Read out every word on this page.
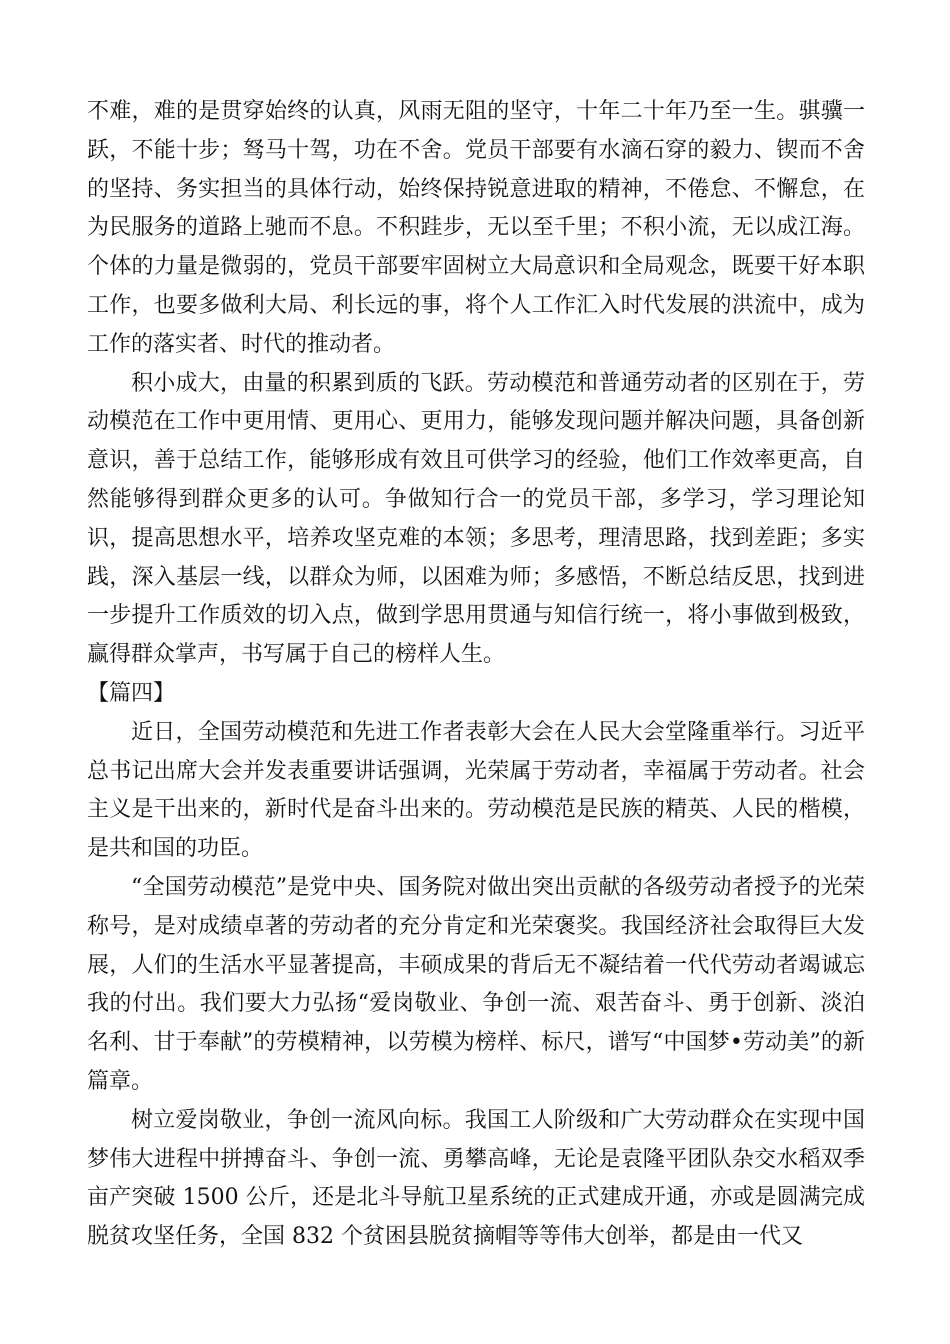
不难，难的是贯穿始终的认真，风雨无阻的坚守，十年二十年乃至一生。骐骥一跃，不能十步；驽马十驾，功在不舍。党员干部要有水滴石穿的毅力、锲而不舍的坚持、务实担当的具体行动，始终保持锐意进取的精神，不倦怠、不懈怠，在为民服务的道路上驰而不息。不积跬步，无以至千里；不积小流，无以成江海。个体的力量是微弱的，党员干部要牢固树立大局意识和全局观念，既要干好本职工作，也要多做利大局、利长远的事，将个人工作汇入时代发展的洪流中，成为工作的落实者、时代的推动者。

积小成大，由量的积累到质的飞跃。劳动模范和普通劳动者的区别在于，劳动模范在工作中更用情、更用心、更用力，能够发现问题并解决问题，具备创新意识，善于总结工作，能够形成有效且可供学习的经验，他们工作效率更高，自然能够得到群众更多的认可。争做知行合一的党员干部，多学习，学习理论知识，提高思想水平，培养攻坚克难的本领；多思考，理清思路，找到差距；多实践，深入基层一线，以群众为师，以困难为师；多感悟，不断总结反思，找到进一步提升工作质效的切入点，做到学思用贯通与知信行统一，将小事做到极致，赢得群众掌声，书写属于自己的榜样人生。

【篇四】

近日，全国劳动模范和先进工作者表彰大会在人民大会堂隆重举行。习近平总书记出席大会并发表重要讲话强调，光荣属于劳动者，幸福属于劳动者。社会主义是干出来的，新时代是奋斗出来的。劳动模范是民族的精英、人民的楷模，是共和国的功臣。

“全国劳动模范”是党中央、国务院对做出突出贡献的各级劳动者授予的光荣称号，是对成绩卓著的劳动者的充分肯定和光荣褒奖。我国经济社会取得巨大发展，人们的生活水平显著提高，丰硕成果的背后无不凝结着一代代劳动者竭诚忘我的付出。我们要大力弘扬“爱岗敬业、争创一流、艰苦奋斗、勇于创新、淡泊名利、甘于奉献”的劳模精神，以劳模为榜样、标尺，谱写“中国梦•劳动美”的新篇章。

树立爱岗敬业，争创一流风向标。我国工人阶级和广大劳动群众在实现中国梦伟大进程中拼搏奋斗、争创一流、勇攀高峰，无论是袁隆平团队杂交水稻双季亩产突破 1500 公斤，还是北斗导航卫星系统的正式建成开通，亦或是圆满完成脱贫攻坚任务，全国 832 个贫困县脱贫摘帽等等伟大创举，都是由一代又
